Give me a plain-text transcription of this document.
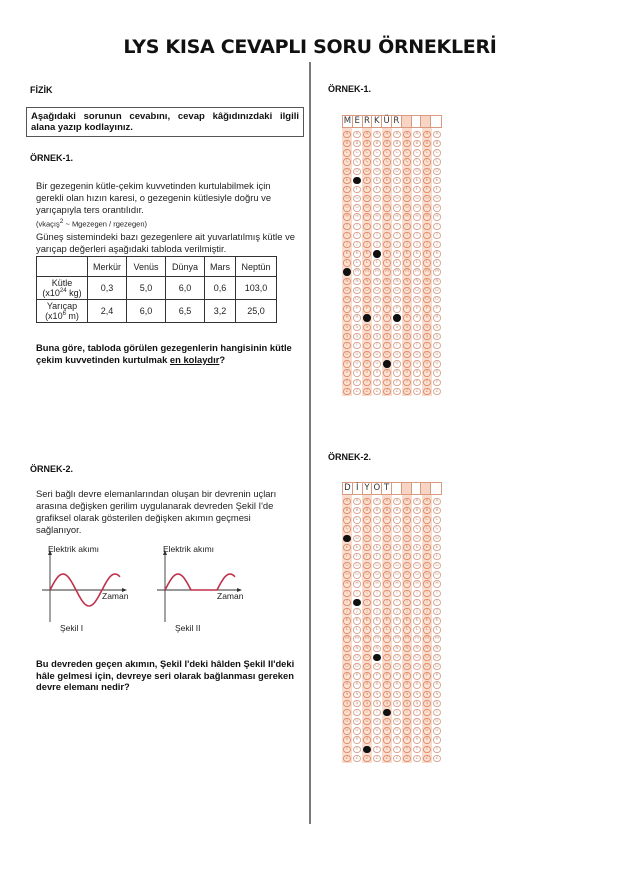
LYS KISA CEVAPLI SORU ÖRNEKLERİ
FİZİK
Aşağıdaki sorunun cevabını, cevap kâğıdınızdaki ilgili alana yazıp kodlayınız.
ÖRNEK-1.
Bir gezegenin kütle-çekim kuvvetinden kurtulabilmek için gerekli olan hızın karesi, o gezegenin kütlesiyle doğru ve yarıçapıyla ters orantılıdır.
(vkaçış$^2$ ~ Mgezegen / rgezegen)
Güneş sistemindeki bazı gezegenlere ait yuvarlatılmış kütle ve yarıçap değerleri aşağıdaki tabloda verilmiştir.
	Merkür	Venüs	Dünya	Mars	Neptün
Kütle
($x10^{24}$ kg)	0,3	5,0	6,0	0,6	103,0
Yarıçap
($x10^6$ m)	2,4	6,0	6,5	3,2	25,0
Buna göre, tabloda görülen gezegenlerin hangisinin kütle çekim kuvvetinden kurtulmak en kolaydır?
ÖRNEK-2.
Seri bağlı devre elemanlarından oluşan bir devrenin uçları arasına değişken gerilim uygulanarak devreden Şekil I'de grafiksel olarak gösterilen değişken akımın geçmesi sağlanıyor.
Elektrik akımı
Zaman
Şekil I
Elektrik akımı
Zaman
Şekil II
Bu devreden geçen akımın, Şekil I'deki hâlden Şekil II'deki hâle gelmesi için, devreye seri olarak bağlanması gereken devre elemanı nedir?
ÖRNEK-1.
M E R K Ü R
A
B
C
Ç
D
E
F
G
Ğ
H
I
İ
J
K
L
N
O
Ö
P
R
S
Ş
T
U
Ü
V
Y
Z
A
B
C
Ç
D
F
G
Ğ
H
I
İ
J
K
L
M
N
O
Ö
P
R
S
Ş
T
U
Ü
V
Y
Z
A
B
C
Ç
D
E
F
G
Ğ
H
I
İ
J
K
L
M
N
O
Ö
P
S
Ş
T
U
Ü
V
Y
Z
A
B
C
Ç
D
E
F
G
Ğ
H
I
İ
J
L
M
N
O
Ö
P
R
S
Ş
T
U
Ü
V
Y
Z
A
B
C
Ç
D
E
F
G
Ğ
H
I
İ
J
K
L
M
N
O
Ö
P
R
S
Ş
T
U
V
Y
Z
A
B
C
Ç
D
E
F
G
Ğ
H
I
İ
J
K
L
M
N
O
Ö
P
S
Ş
T
U
Ü
V
Y
Z
A
B
C
Ç
D
E
F
G
Ğ
H
I
İ
J
K
L
M
N
O
Ö
P
R
S
Ş
T
U
Ü
V
Y
Z
A
B
C
Ç
D
E
F
G
Ğ
H
I
İ
J
K
L
M
N
O
Ö
P
R
S
Ş
T
U
Ü
V
Y
Z
A
B
C
Ç
D
E
F
G
Ğ
H
I
İ
J
K
L
M
N
O
Ö
P
R
S
Ş
T
U
Ü
V
Y
Z
A
B
C
Ç
D
E
F
G
Ğ
H
I
İ
J
K
L
M
N
O
Ö
P
R
S
Ş
T
U
Ü
V
Y
Z
ÖRNEK-2.
D İ Y O T
A
B
C
Ç
E
F
G
Ğ
H
I
İ
J
K
L
M
N
O
Ö
P
R
S
Ş
T
U
Ü
V
Y
Z
A
B
C
Ç
D
E
F
G
Ğ
H
I
J
K
L
M
N
O
Ö
P
R
S
Ş
T
U
Ü
V
Y
Z
A
B
C
Ç
D
E
F
G
Ğ
H
I
İ
J
K
L
M
N
O
Ö
P
R
S
Ş
T
U
Ü
V
Z
A
B
C
Ç
D
E
F
G
Ğ
H
I
İ
J
K
L
M
N
Ö
P
R
S
Ş
T
U
Ü
V
Y
Z
A
B
C
Ç
D
E
F
G
Ğ
H
I
İ
J
K
L
M
N
O
Ö
P
R
S
Ş
U
Ü
V
Y
Z
A
B
C
Ç
D
E
F
G
Ğ
H
I
İ
J
K
L
M
N
O
Ö
P
R
S
Ş
T
U
Ü
V
Y
Z
A
B
C
Ç
D
E
F
G
Ğ
H
I
İ
J
K
L
M
N
O
Ö
P
R
S
Ş
T
U
Ü
V
Y
Z
A
B
C
Ç
D
E
F
G
Ğ
H
I
İ
J
K
L
M
N
O
Ö
P
R
S
Ş
T
U
Ü
V
Y
Z
A
B
C
Ç
D
E
F
G
Ğ
H
I
İ
J
K
L
M
N
O
Ö
P
R
S
Ş
T
U
Ü
V
Y
Z
A
B
C
Ç
D
E
F
G
Ğ
H
I
İ
J
K
L
M
N
O
Ö
P
R
S
Ş
T
U
Ü
V
Y
Z
